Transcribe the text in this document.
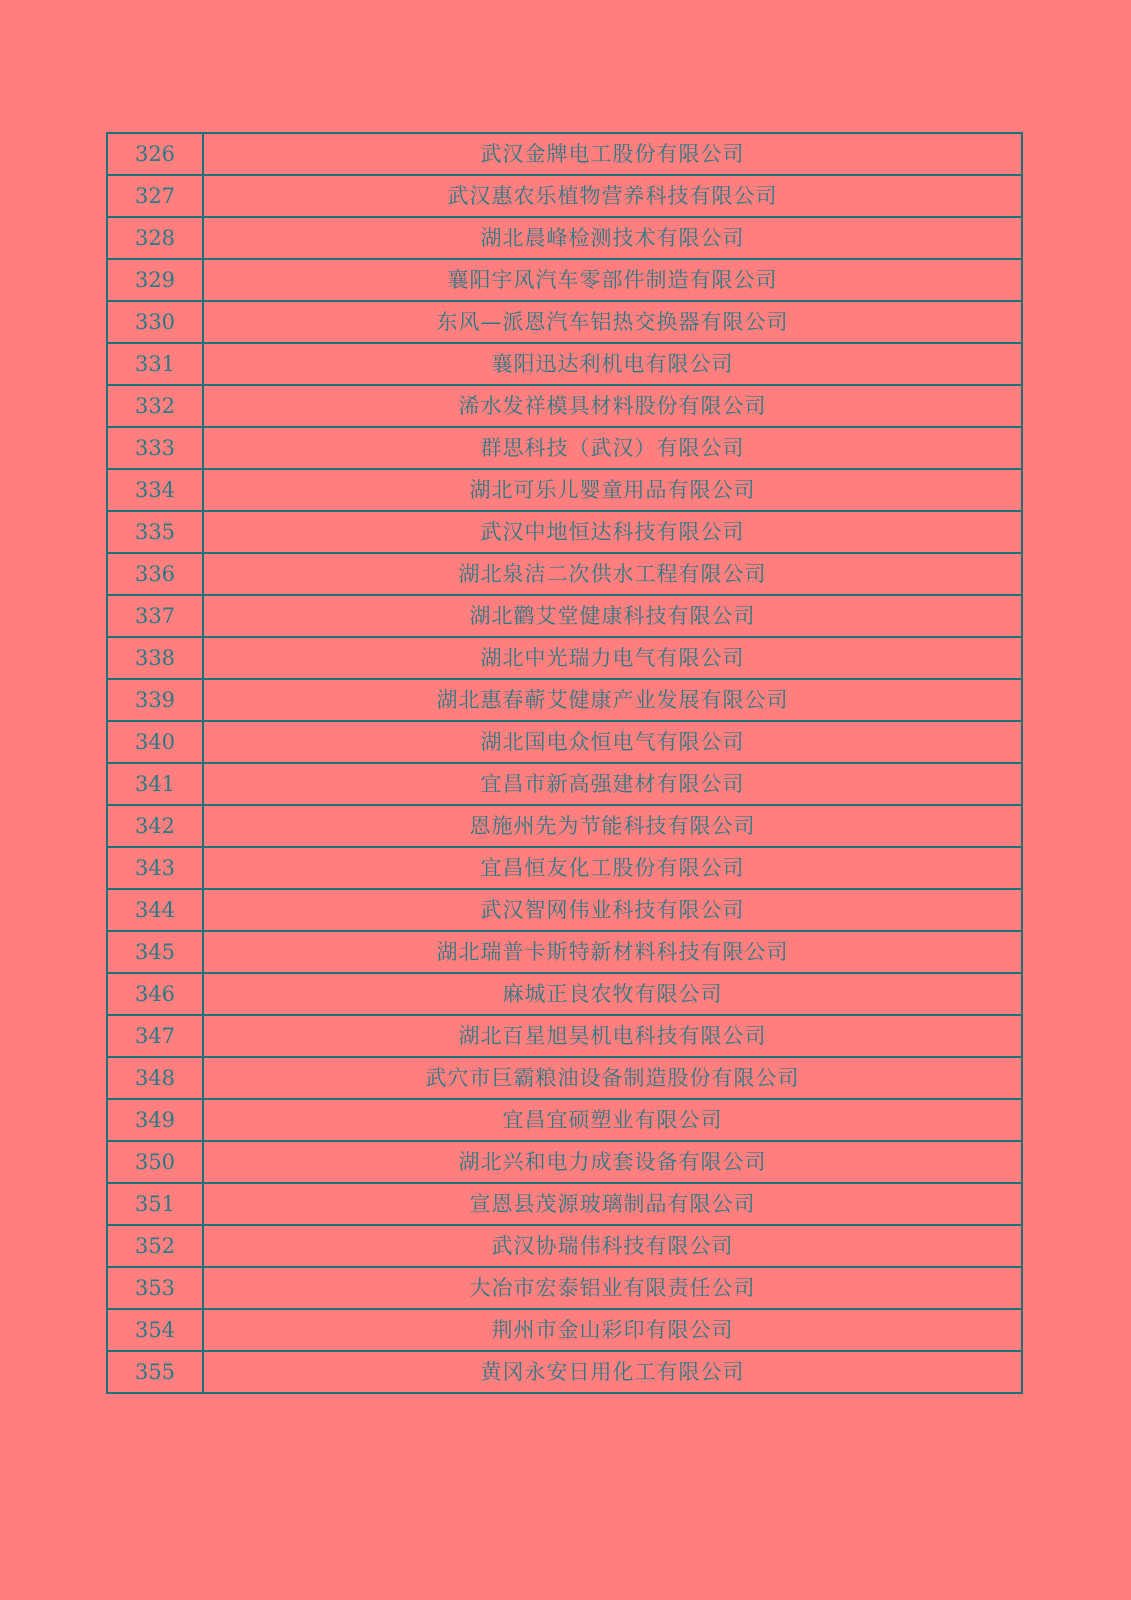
326	武汉金牌电工股份有限公司
327	武汉惠农乐植物营养科技有限公司
328	湖北晨峰检测技术有限公司
329	襄阳宇风汽车零部件制造有限公司
330	东风—派恩汽车铝热交换器有限公司
331	襄阳迅达利机电有限公司
332	浠水发祥模具材料股份有限公司
333	群思科技（武汉）有限公司
334	湖北可乐儿婴童用品有限公司
335	武汉中地恒达科技有限公司
336	湖北泉洁二次供水工程有限公司
337	湖北鹳艾堂健康科技有限公司
338	湖北中光瑞力电气有限公司
339	湖北惠春蕲艾健康产业发展有限公司
340	湖北国电众恒电气有限公司
341	宜昌市新高强建材有限公司
342	恩施州先为节能科技有限公司
343	宜昌恒友化工股份有限公司
344	武汉智网伟业科技有限公司
345	湖北瑞普卡斯特新材料科技有限公司
346	麻城正良农牧有限公司
347	湖北百星旭昊机电科技有限公司
348	武穴市巨霸粮油设备制造股份有限公司
349	宜昌宜硕塑业有限公司
350	湖北兴和电力成套设备有限公司
351	宣恩县茂源玻璃制品有限公司
352	武汉协瑞伟科技有限公司
353	大冶市宏泰铝业有限责任公司
354	荆州市金山彩印有限公司
355	黄冈永安日用化工有限公司
